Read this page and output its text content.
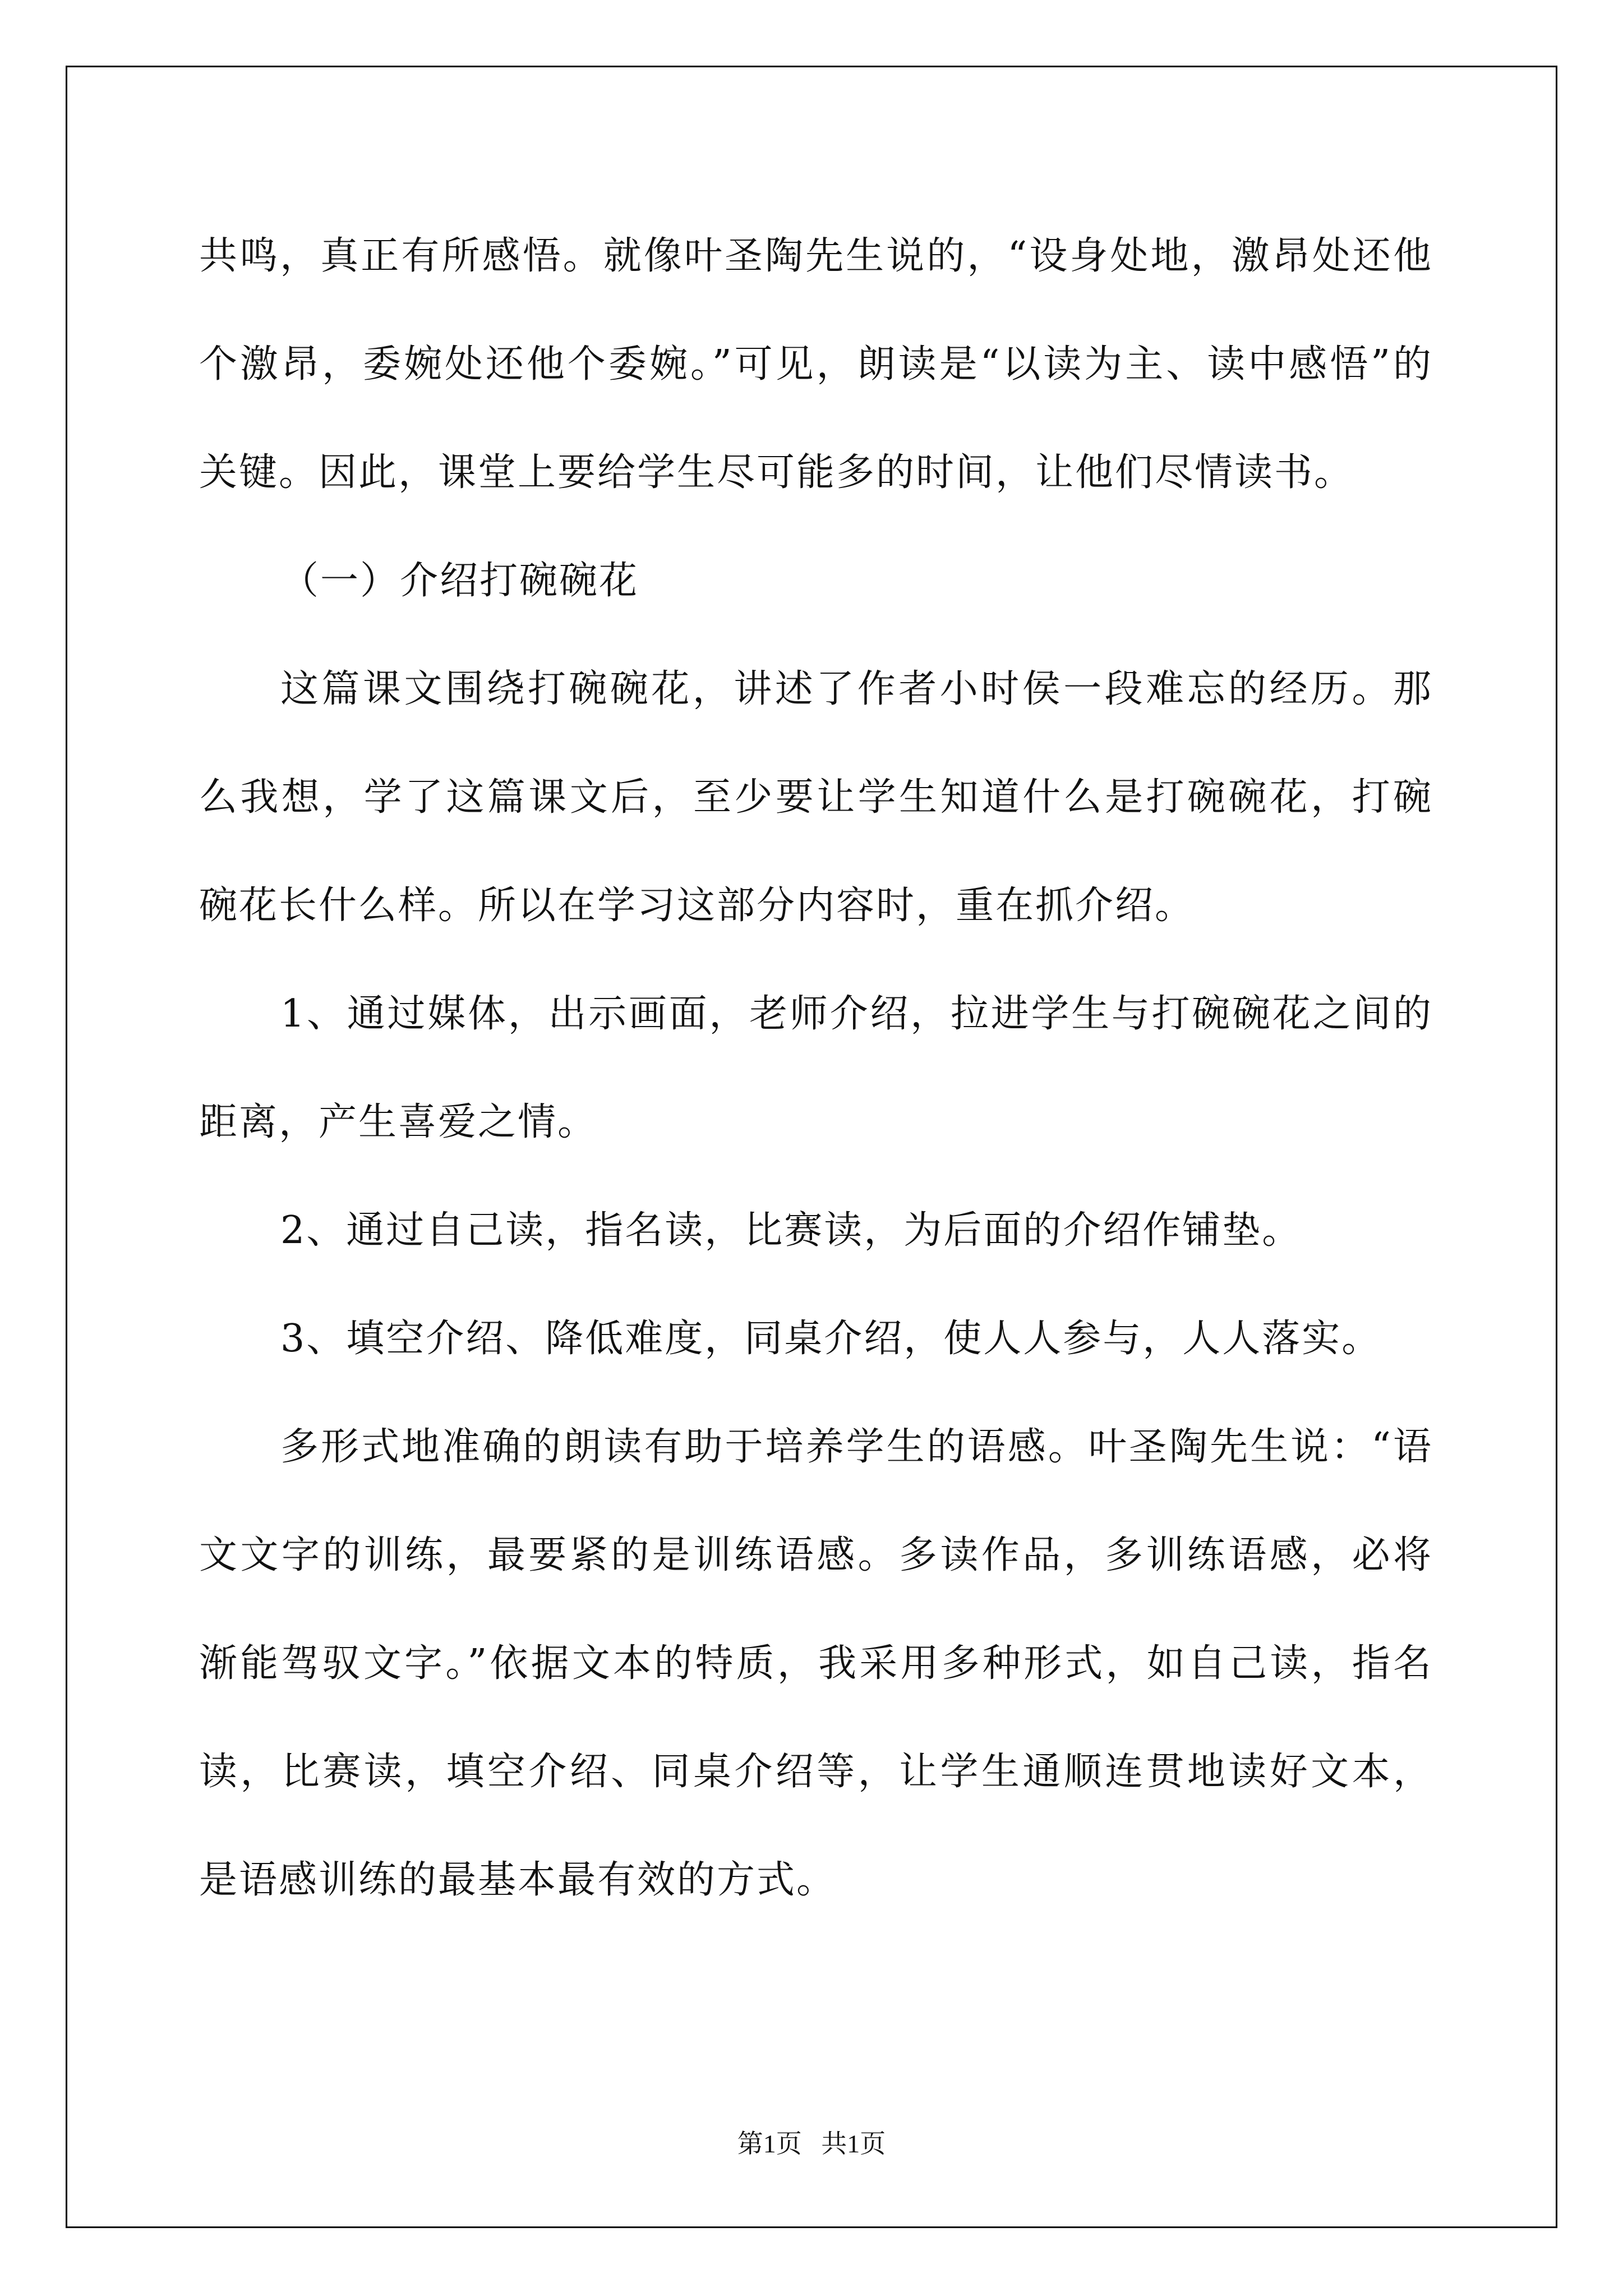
共鸣，真正有所感悟。就像叶圣陶先生说的，“设身处地，激昂处还他个激昂，委婉处还他个委婉。”可见，朗读是“以读为主、读中感悟”的关键。因此，课堂上要给学生尽可能多的时间，让他们尽情读书。

（一）介绍打碗碗花

这篇课文围绕打碗碗花，讲述了作者小时侯一段难忘的经历。那么我想，学了这篇课文后，至少要让学生知道什么是打碗碗花，打碗碗花长什么样。所以在学习这部分内容时，重在抓介绍。

1、通过媒体，出示画面，老师介绍，拉进学生与打碗碗花之间的距离，产生喜爱之情。

2、通过自己读，指名读，比赛读，为后面的介绍作铺垫。

3、填空介绍、降低难度，同桌介绍，使人人参与，人人落实。

多形式地准确的朗读有助于培养学生的语感。叶圣陶先生说：“语文文字的训练，最要紧的是训练语感。多读作品，多训练语感，必将渐能驾驭文字。”依据文本的特质，我采用多种形式，如自己读，指名读，比赛读，填空介绍、同桌介绍等，让学生通顺连贯地读好文本，是语感训练的最基本最有效的方式。

第1页   共1页
